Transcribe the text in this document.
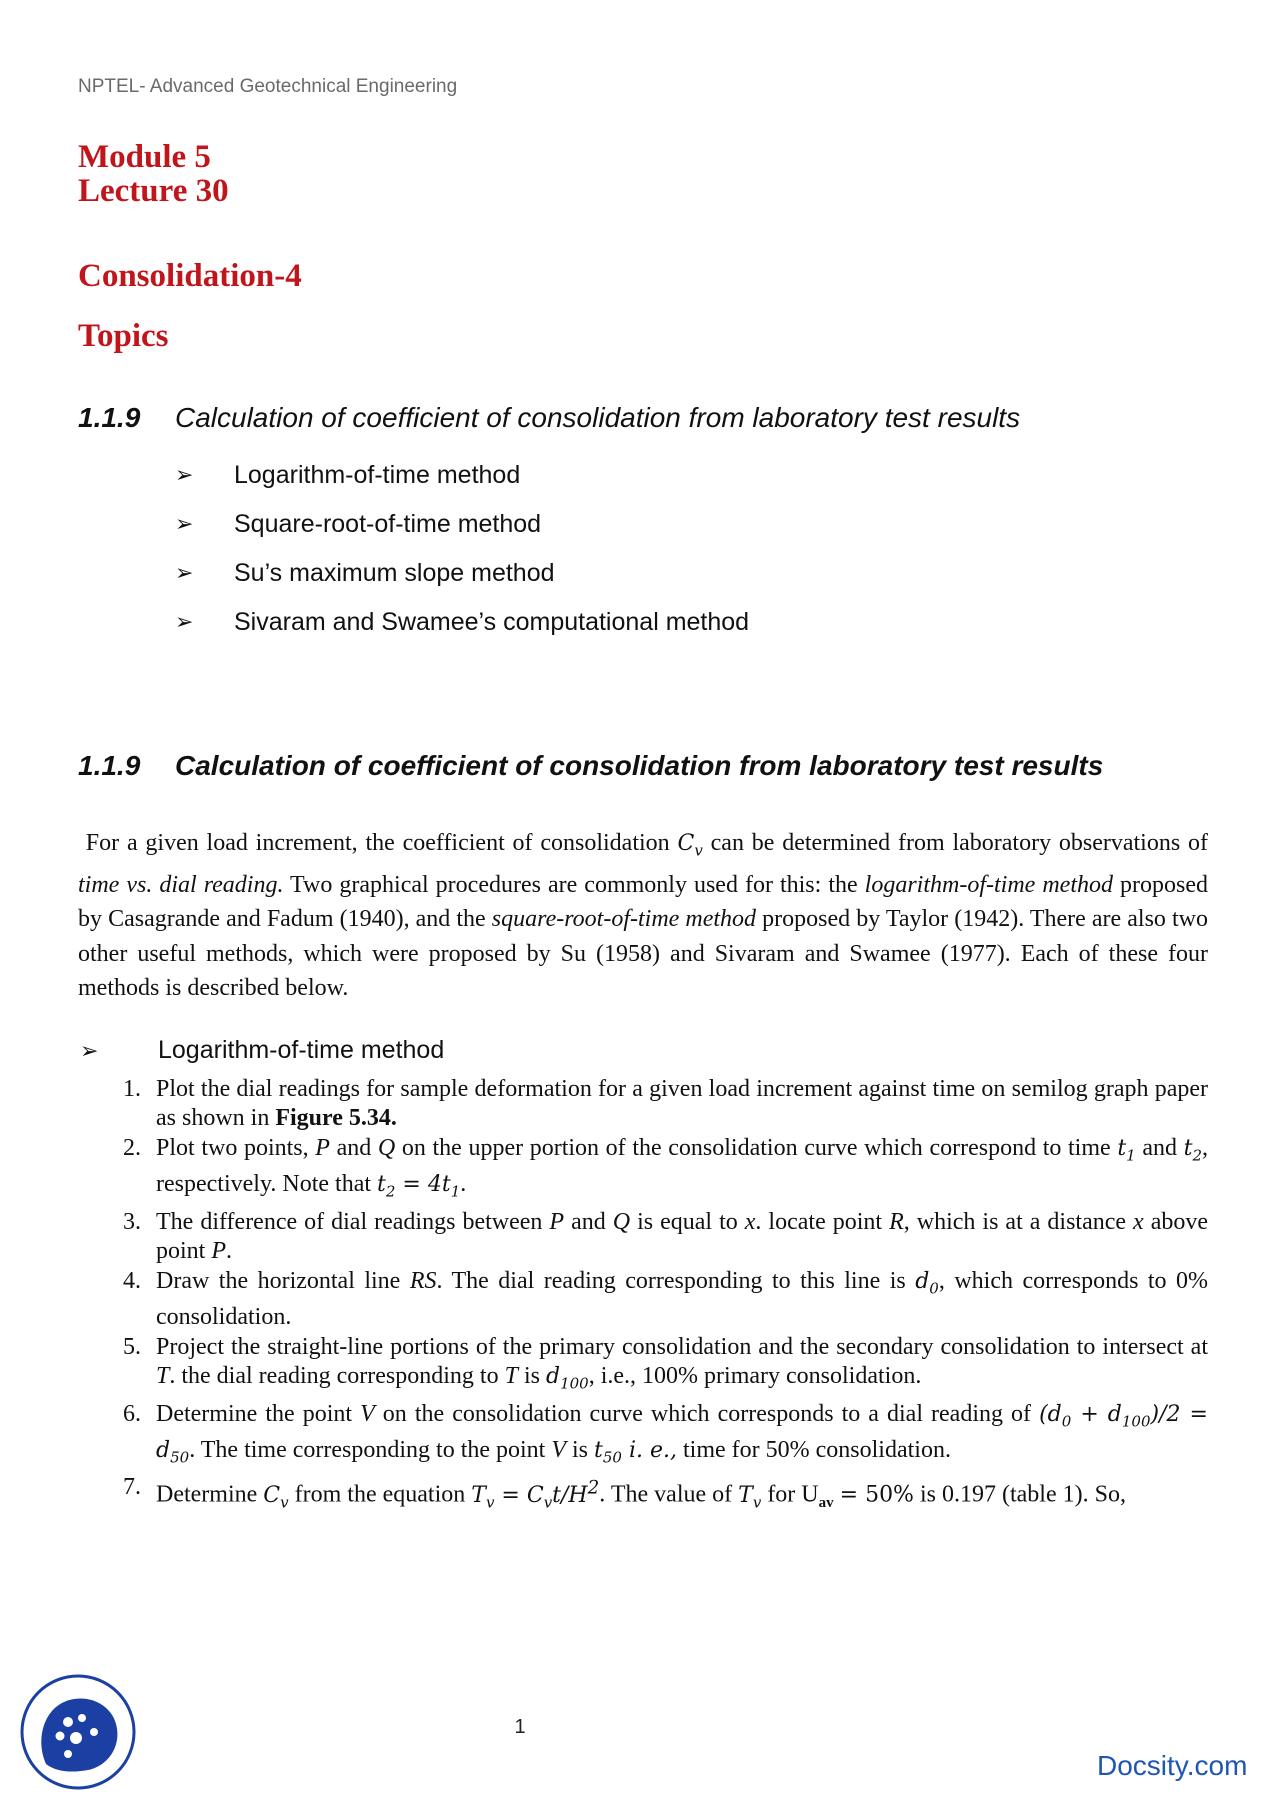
NPTEL- Advanced Geotechnical Engineering
Module 5
Lecture 30
Consolidation-4
Topics
1.1.9 Calculation of coefficient of consolidation from laboratory test results
➢	Logarithm-of-time method
➢	Square-root-of-time method
➢	Su’s maximum slope method
➢	Sivaram and Swamee’s computational method
1.1.9 Calculation of coefficient of consolidation from laboratory test results
For a given load increment, the coefficient of consolidation $C_v$ can be determined from laboratory observations of time vs. dial reading. Two graphical procedures are commonly used for this: the logarithm-of-time method proposed by Casagrande and Fadum (1940), and the square-root-of-time method proposed by Taylor (1942). There are also two other useful methods, which were proposed by Su (1958) and Sivaram and Swamee (1977). Each of these four methods is described below.
➢ Logarithm-of-time method
1. Plot the dial readings for sample deformation for a given load increment against time on semilog graph paper as shown in Figure 5.34.
2. Plot two points, P and Q on the upper portion of the consolidation curve which correspond to time $t_1$ and $t_2$, respectively. Note that $t_2 = 4t_1$.
3. The difference of dial readings between P and Q is equal to x. locate point R, which is at a distance x above point P.
4. Draw the horizontal line RS. The dial reading corresponding to this line is $d_0$, which corresponds to 0% consolidation.
5. Project the straight-line portions of the primary consolidation and the secondary consolidation to intersect at T. the dial reading corresponding to T is $d_{100}$, i.e., 100% primary consolidation.
6. Determine the point V on the consolidation curve which corresponds to a dial reading of $(d_0 + d_{100})/2 = d_{50}$. The time corresponding to the point V is $t_{50}$ i. e., time for 50% consolidation.
7. Determine $C_v$ from the equation $T_v = C_vt/H^2$. The value of $T_v$ for $U_{av} = 50\%$ is 0.197 (table 1). So,
1
Docsity.com
